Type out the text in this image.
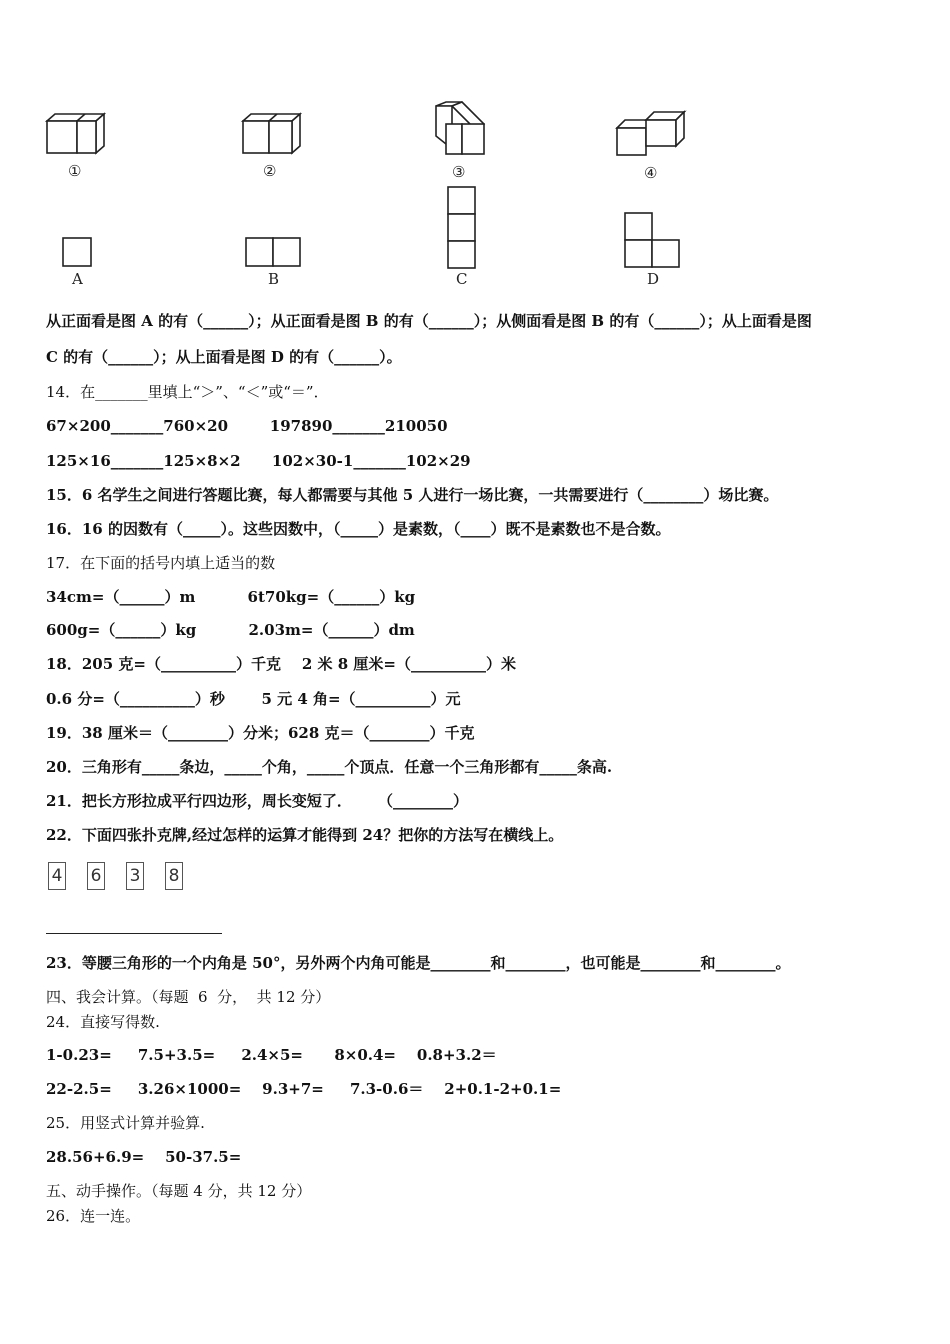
①	②	③	④
A	B	C	D
从正面看是图 A 的有（______）；从正面看是图 B 的有（______）；从侧面看是图 B 的有（______）；从上面看是图
C 的有（______）；从上面看是图 D 的有（______）。
14．在_______里填上“＞”、“＜”或“＝”．
67×200_______760×20        197890_______210050
125×16_______125×8×2      102×30-1_______102×29
15．6 名学生之间进行答题比赛，每人都需要与其他 5 人进行一场比赛，一共需要进行（________）场比赛。
16．16 的因数有（_____）。这些因数中，（_____）是素数，（____）既不是素数也不是合数。
17．在下面的括号内填上适当的数
34cm=（______）m          6t70kg=（______）kg
600g=（______）kg          2.03m=（______）dm
18．205 克=（__________）千克    2 米 8 厘米=（__________）米
0.6 分=（__________）秒       5 元 4 角=（__________）元
19．38 厘米＝（________）分米；628 克＝（________）千克
20．三角形有_____条边，_____个角，_____个顶点．任意一个三角形都有_____条高.
21．把长方形拉成平行四边形，周长变短了．     （________）
22．下面四张扑克牌,经过怎样的运算才能得到 24？把你的方法写在横线上。
4 6 3 8
23．等腰三角形的一个内角是 50°，另外两个内角可能是________和________，也可能是________和________。
四、我会计算。（每题  6  分，  共 12 分）
24．直接写得数.
1-0.23=     7.5+3.5=     2.4×5=      8×0.4=    0.8+3.2＝
22-2.5=     3.26×1000=    9.3+7=     7.3-0.6＝    2+0.1-2+0.1=
25．用竖式计算并验算.
28.56+6.9=    50-37.5=
五、动手操作。（每题 4 分，共 12 分）
26．连一连。
